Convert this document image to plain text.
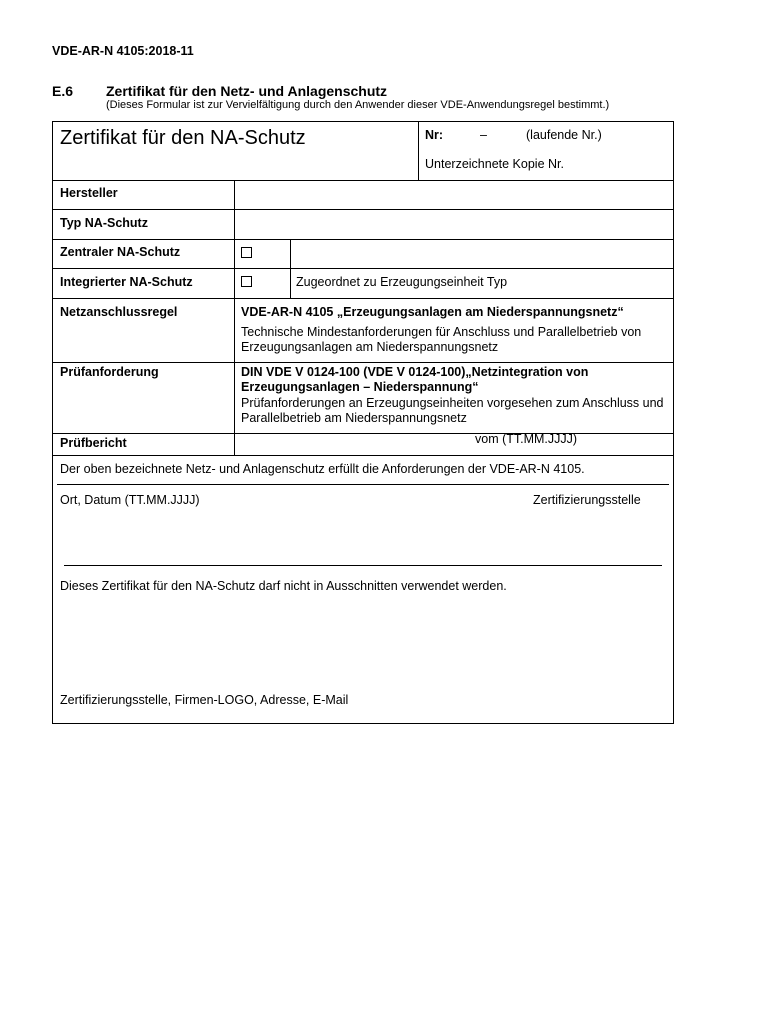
VDE-AR-N 4105:2018-11
E.6 Zertifikat für den Netz- und Anlagenschutz
(Dieses Formular ist zur Vervielfältigung durch den Anwender dieser VDE-Anwendungsregel bestimmt.)
Zertifikat für den NA-Schutz	Nr:	–	(laufende Nr.)
Unterzeichnete Kopie Nr.
Hersteller
Typ NA-Schutz
Zentraler NA-Schutz
Integrierter NA-Schutz	Zugeordnet zu Erzeugungseinheit Typ
Netzanschlussregel	VDE-AR-N 4105 „Erzeugungsanlagen am Niederspannungsnetz“
Technische Mindestanforderungen für Anschluss und Parallelbetrieb von Erzeugungsanlagen am Niederspannungsnetz
Prüfanforderung	DIN VDE V 0124-100 (VDE V 0124-100)„Netzintegration von Erzeugungsanlagen – Niederspannung“
Prüfanforderungen an Erzeugungseinheiten vorgesehen zum Anschluss und Parallelbetrieb am Niederspannungsnetz
Prüfbericht	vom (TT.MM.JJJJ)
Der oben bezeichnete Netz- und Anlagenschutz erfüllt die Anforderungen der VDE-AR-N 4105.
Ort, Datum (TT.MM.JJJJ)	Zertifizierungsstelle
Dieses Zertifikat für den NA-Schutz darf nicht in Ausschnitten verwendet werden.
Zertifizierungsstelle, Firmen-LOGO, Adresse, E-Mail
